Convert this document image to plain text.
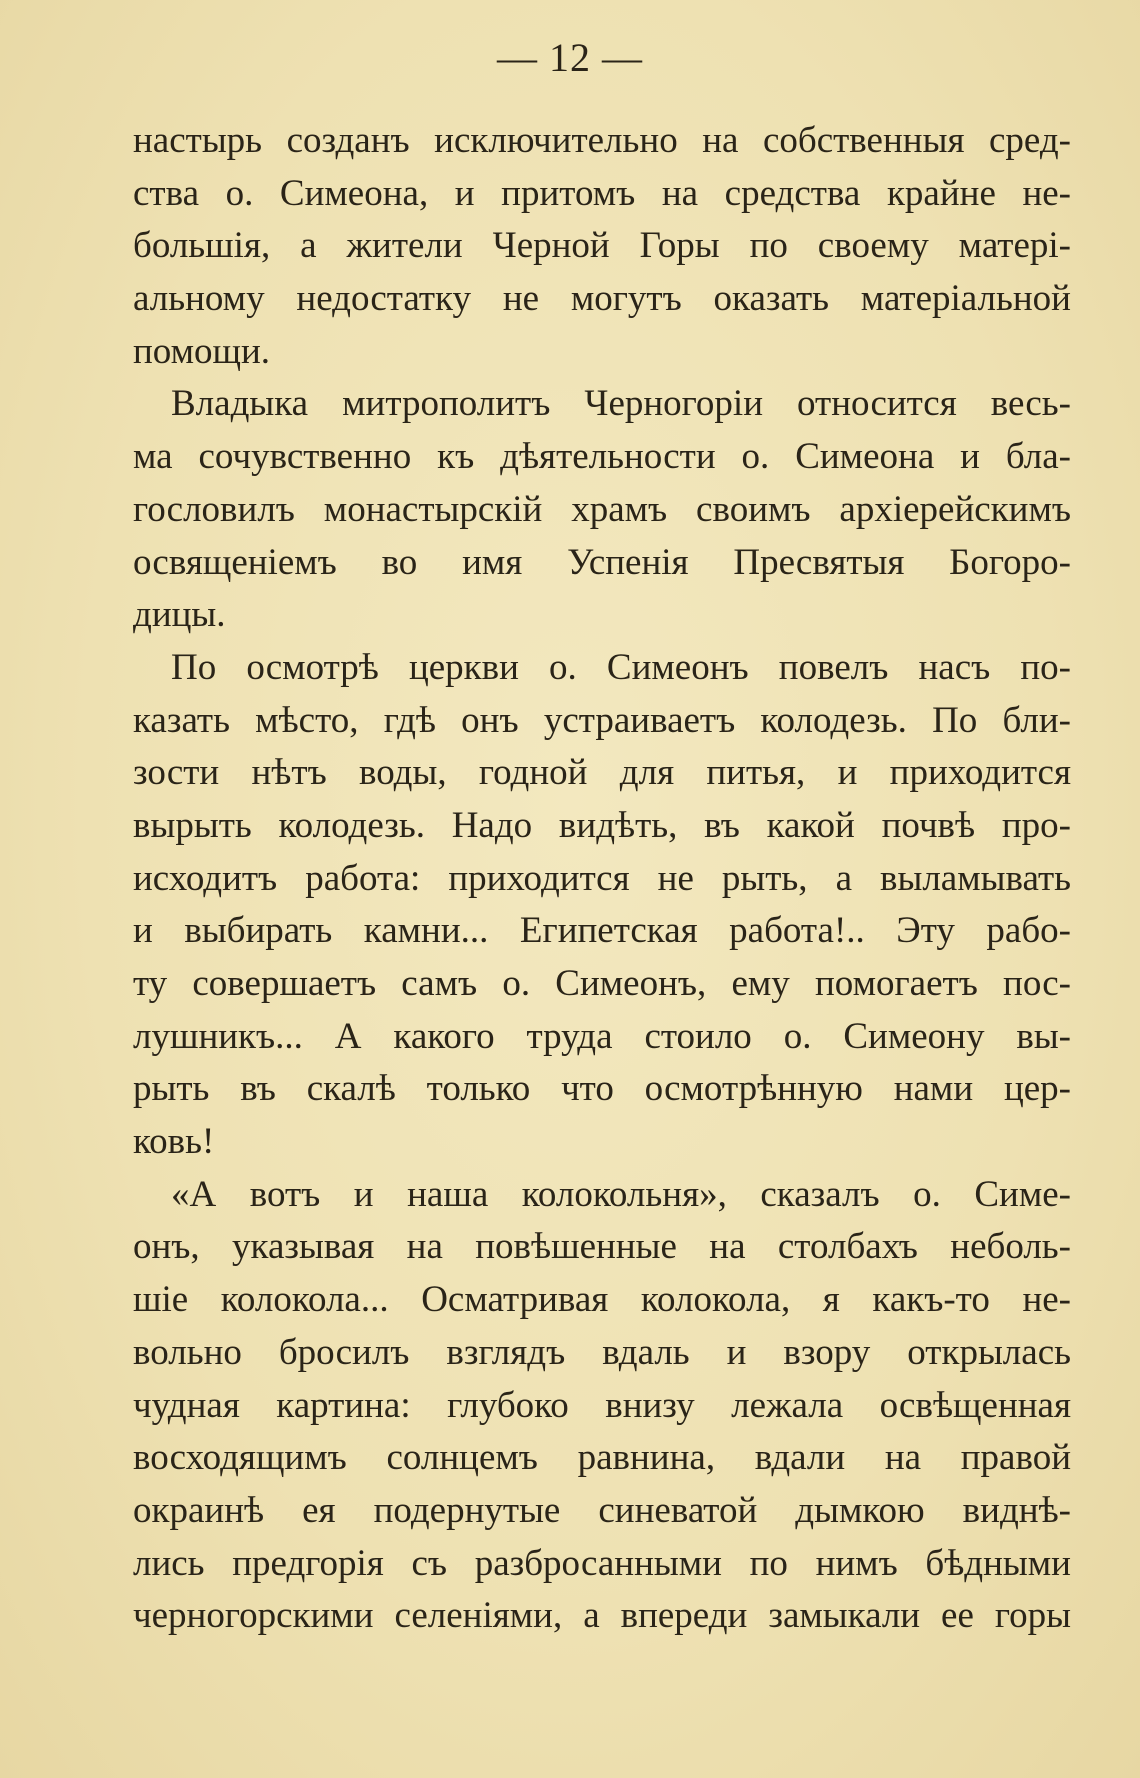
— 12 —
настырь созданъ исключительно на собственныя сред-
ства о. Симеона, и притомъ на средства крайне не-
большія, а жители Черной Горы по своему матері-
альному недостатку не могутъ оказать матеріальной
помощи.
Владыка митрополитъ Черногоріи относится весь-
ма сочувственно къ дѣятельности о. Симеона и бла-
гословилъ монастырскій храмъ своимъ архіерейскимъ
освященіемъ во имя Успенія Пресвятыя Богоро-
дицы.
По осмотрѣ церкви о. Симеонъ повелъ насъ по-
казать мѣсто, гдѣ онъ устраиваетъ колодезь. По бли-
зости нѣтъ воды, годной для питья, и приходится
вырыть колодезь. Надо видѣть, въ какой почвѣ про-
исходитъ работа: приходится не рыть, а выламывать
и выбирать камни... Египетская работа!.. Эту рабо-
ту совершаетъ самъ о. Симеонъ, ему помогаетъ пос-
лушникъ... А какого труда стоило о. Симеону вы-
рыть въ скалѣ только что осмотрѣнную нами цер-
ковь!
«А вотъ и наша колокольня», сказалъ о. Симе-
онъ, указывая на повѣшенные на столбахъ неболь-
шіе колокола... Осматривая колокола, я какъ-то не-
вольно бросилъ взглядъ вдаль и взору открылась
чудная картина: глубоко внизу лежала освѣщенная
восходящимъ солнцемъ равнина, вдали на правой
окраинѣ ея подернутые синеватой дымкою виднѣ-
лись предгорія съ разбросанными по нимъ бѣдными
черногорскими селеніями, а впереди замыкали ее горы
